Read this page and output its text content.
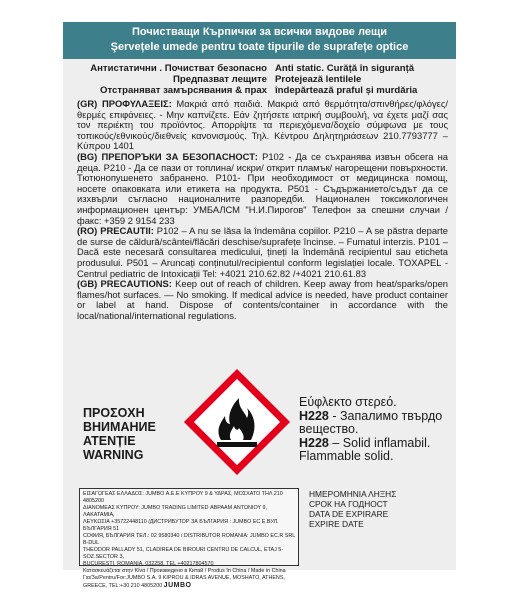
Почистващи Кърпички за всички видове лещи
Şervețele umede pentru toate tipurile de suprafețe optice
Антистатични . Почистват безопасно
Предпазват лещите
Отстраняват замърсявания & прах
Anti static. Curăță în siguranță
Protejează lentilele
îndepărtează praful și murdăria

(GR) ΠΡΟΦΥΛΑΞΕΙΣ: Μακριά από παιδιά. Μακριά από θερμότητα/σπινθήρες/φλόγες/θερμές επιφάνειες. - Μην καπνίζετε. Εάν ζητήσετε ιατρική συμβουλή, να έχετε μαζί σας τον περιέκτη του προϊόντος. Απορρίψτε τα περιεχόμενα/δοχείο σύμφωνα με τους τοπικούς/εθνικούς/διεθνείς κανονισμούς. Τηλ. Κέντρου Δηλητηριάσεων 210.7793777 – Κύπρου 1401

(BG) ПРЕПОРЪКИ ЗА БЕЗОПАСНОСТ: P102 - Да се съхранява извън обсега на деца. P210 - Да се пази от топлина/ искри/ открит пламък/ нагорещени повърхности. Тютюнопушенето забранено. P101- При необходимост от медицинска помощ, носете опаковката или етикета на продукта. P501 - Съдържанието/съдът да се изхвърли съгласно националните разпоредби. Национален токсикологичен информационен център: УМБАЛСМ "Н.И.Пирогов" Телефон за спешни случаи / факс: +359 2 9154 233

(RO) PRECAUTII: P102 – A nu se lăsa la îndemâna copiilor. P210 – A se păstra departe de surse de căldură/scântei/flăcări deschise/suprafețe încinse. – Fumatul interzis. P101 – Dacă este necesară consultarea medicului, țineți la îndemână recipientul sau eticheta produsului. P501 – Aruncați conținutul/recipientul conform legislației locale. TOXAPEL - Centrul pediatric de Intoxicații Tel: +4021 210.62.82 /+4021 210.61.83

(GB) PRECAUTIONS: Keep out of reach of children. Keep away from heat/sparks/open flames/hot surfaces. — No smoking. If medical advice is needed, have product container or label at hand. Dispose of contents/container in accordance with the local/national/international regulations.

ΠΡΟΣΟΧΗ
ВНИМАНИЕ
ATENȚIE
WARNING
Εύφλεκτο στερεό.
H228 - Запалимо твърдо вещество.
H228 – Solid inflamabil.
Flammable solid.

ΕΙΣΑΓΩΓΕΑΣ ΕΛΛΑΔΟΣ: JUMBO Α.Ε.Ε ΚΥΠΡΟΥ 9 & ΥΔΡΑΣ, ΜΟΣΧΑΤΟ ΤΗΛ 210 4805200

ΔΙΑΝΟΜΕΑΣ ΚΥΠΡΟΥ: JUMBO TRADING LIMITED ΑΒΡΑΑΜ ΑΝΤΩΝΙΟΥ 9, ΛΑΚΑΤΑΜΙΑ,

ΛΕΥΚΩΣΙΑ +35722448110 /ДИСТРИБУТОР ЗА БЪЛГАРИЯ : JUMBO EC Е.ВУЛ. БЪЛГАРИЯ 51

СОФИЯ, БЪЛГАРИЯ ТЕЛ.: 02 9580340 / DISTRIBUTOR ROMANIA: JUMBO EC.R SRL B-DUL

THEODOR PALLADY 51, CLADIREA DE BIROURI CENTRU DE CALCUL, ETAJ 5-SOZ.SECTOR 3,

BUCURESTI, ROMANIA, 032258, TEL +40217804570

Κατασκευάζεται στην Κίνα / Произведено в Китай / Produs în China / Made in China

Για/За/Pentru/For:JUMBO S.A. 9 KIPROU & IDRAS AVENUE, MOSHATO, ATHENS,

GREECE, TEL:+30 210 4805200 JUMBO

ΗΜΕΡΟΜΗΝΙΑ ΛΗΞΗΣ
СРОК НА ГОДНОСТ
DATA DE EXPIRARE
EXPIRE DATE
